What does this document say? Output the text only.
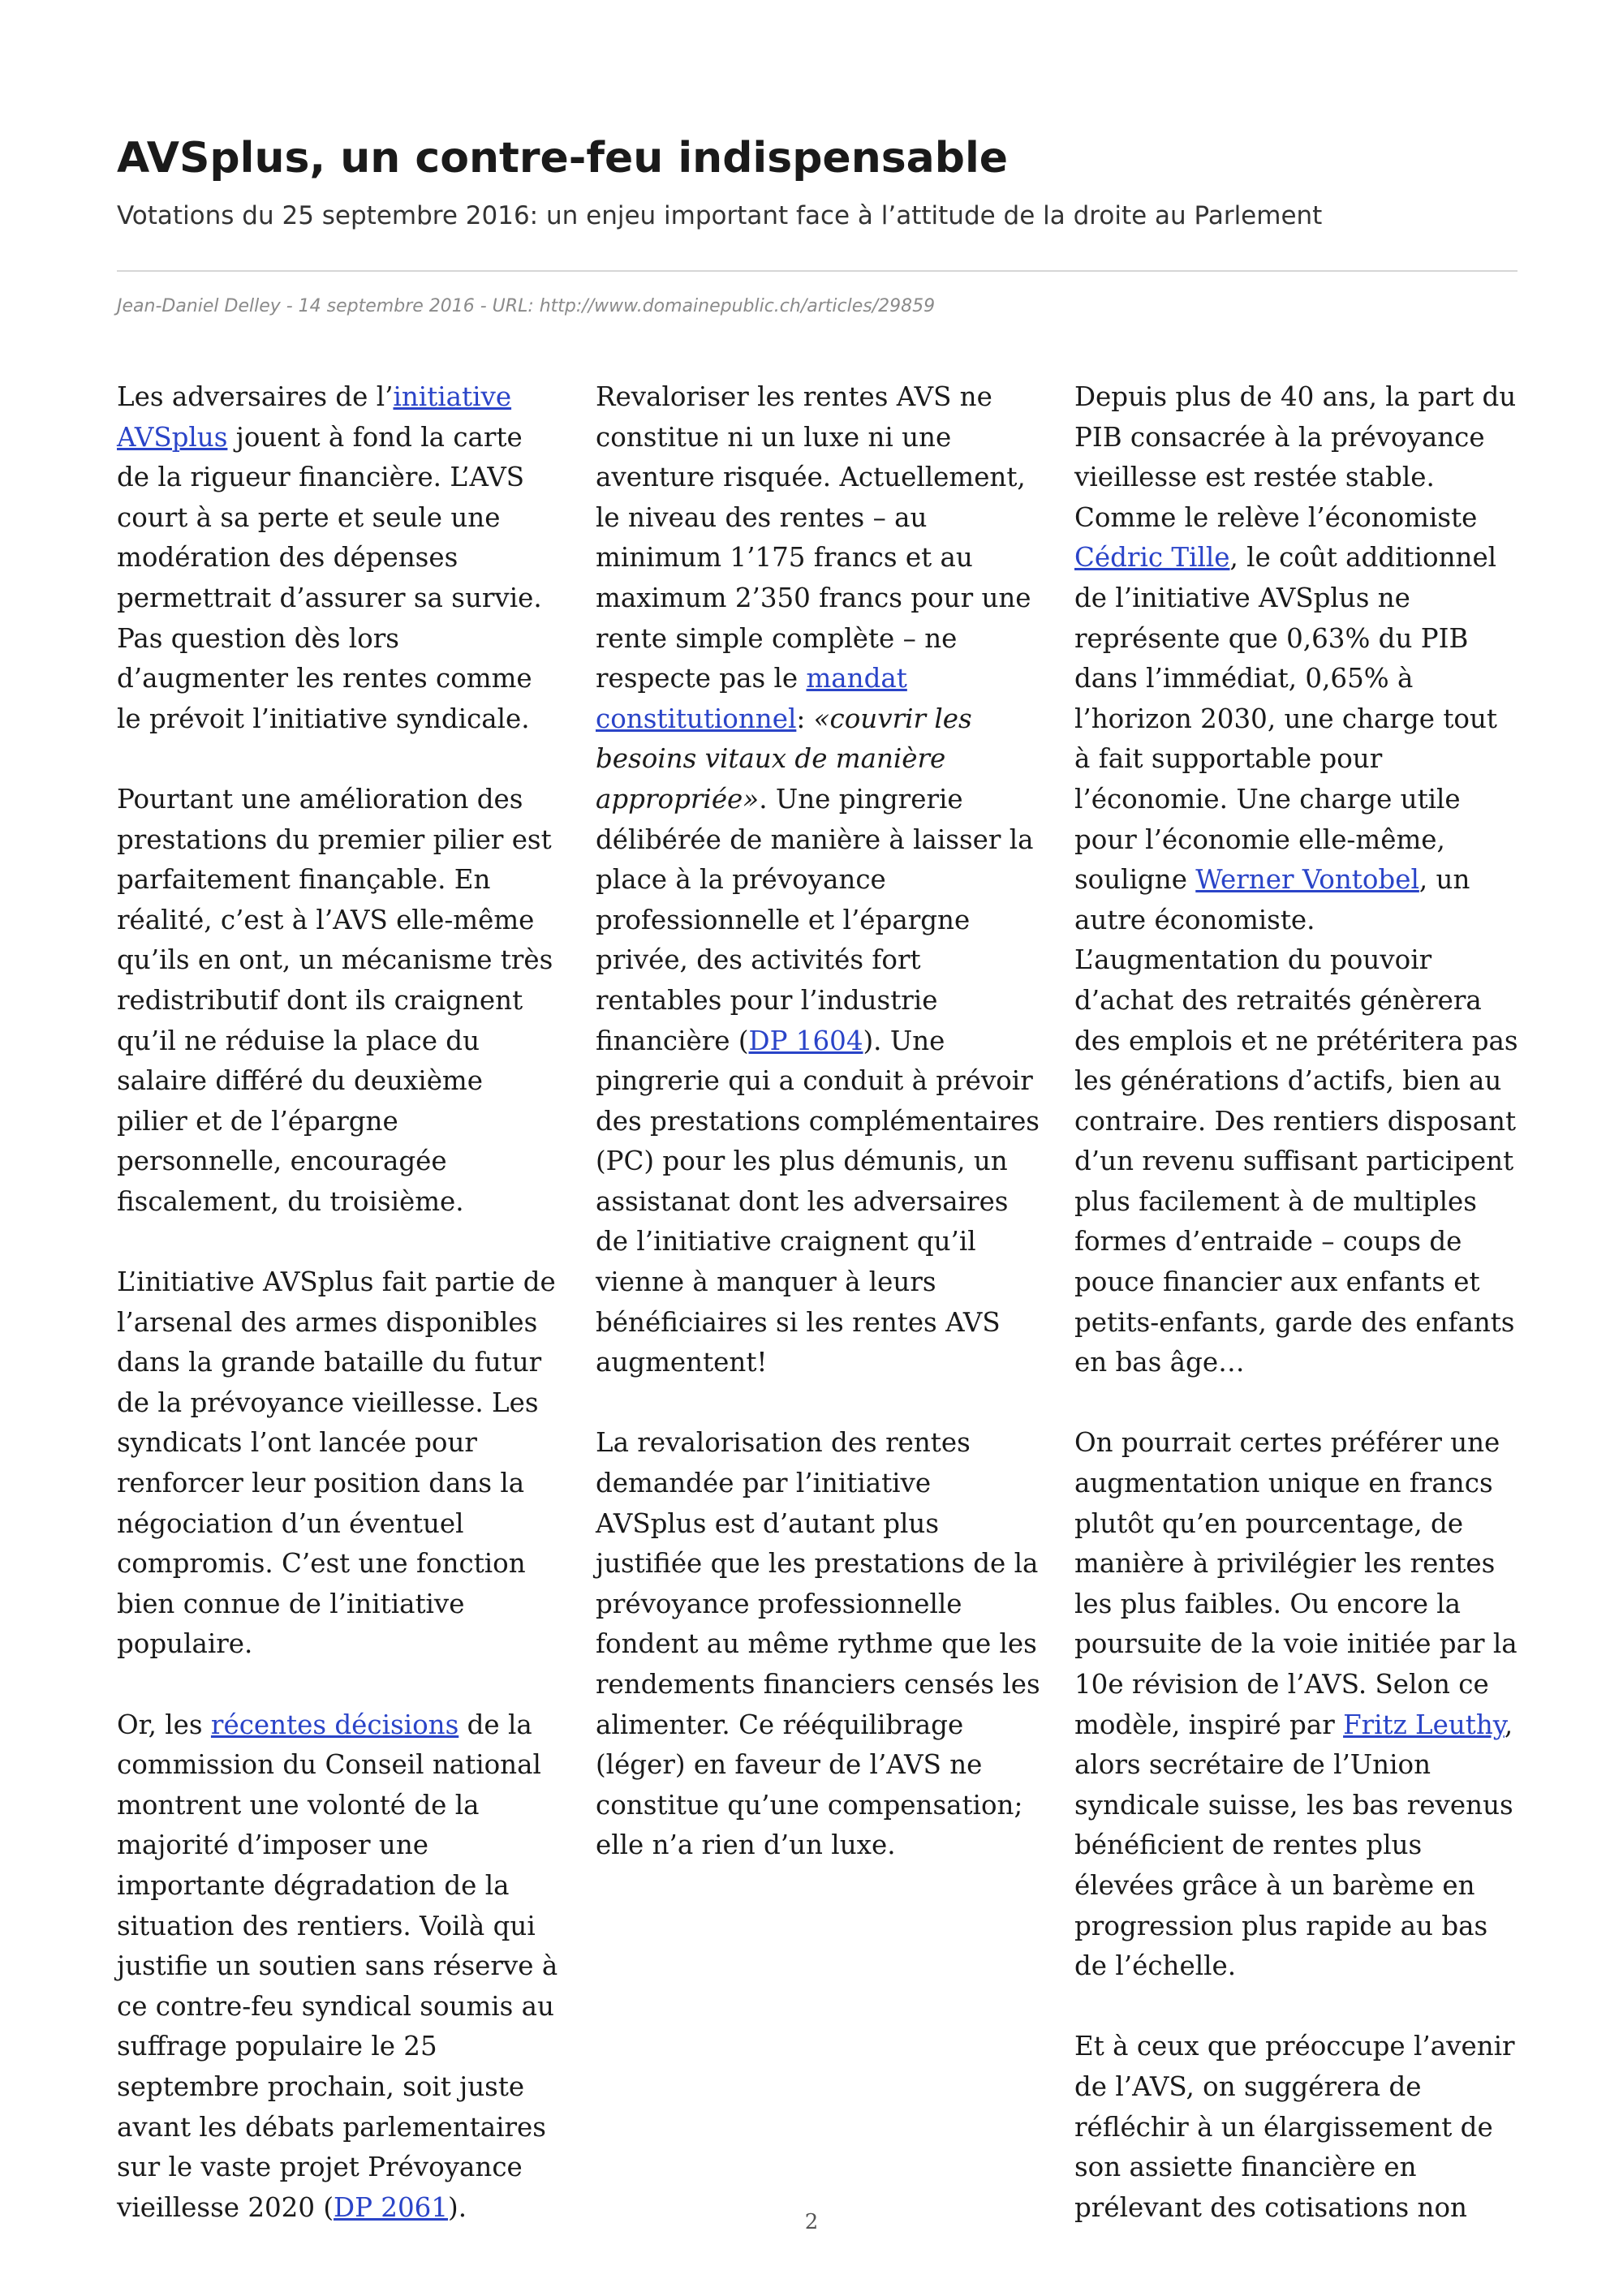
AVSplus, un contre-feu indispensable

Votations du 25 septembre 2016: un enjeu important face à l’attitude de la droite au Parlement

Jean-Daniel Delley - 14 septembre 2016 - URL: http://www.domainepublic.ch/articles/29859

Les adversaires de l’initiative AVSplus jouent à fond la carte de la rigueur financière. L’AVS court à sa perte et seule une modération des dépenses permettrait d’assurer sa survie. Pas question dès lors d’augmenter les rentes comme le prévoit l’initiative syndicale.

Pourtant une amélioration des prestations du premier pilier est parfaitement finançable. En réalité, c’est à l’AVS elle-même qu’ils en ont, un mécanisme très redistributif dont ils craignent qu’il ne réduise la place du salaire différé du deuxième pilier et de l’épargne personnelle, encouragée fiscalement, du troisième.

L’initiative AVSplus fait partie de l’arsenal des armes disponibles dans la grande bataille du futur de la prévoyance vieillesse. Les syndicats l’ont lancée pour renforcer leur position dans la négociation d’un éventuel compromis. C’est une fonction bien connue de l’initiative populaire.

Or, les récentes décisions de la commission du Conseil national montrent une volonté de la majorité d’imposer une importante dégradation de la situation des rentiers. Voilà qui justifie un soutien sans réserve à ce contre-feu syndical soumis au suffrage populaire le 25 septembre prochain, soit juste avant les débats parlementaires sur le vaste projet Prévoyance vieillesse 2020 (DP 2061).

Revaloriser les rentes AVS ne constitue ni un luxe ni une aventure risquée. Actuellement, le niveau des rentes – au minimum 1’175 francs et au maximum 2’350 francs pour une rente simple complète – ne respecte pas le mandat constitutionnel: «couvrir les besoins vitaux de manière appropriée». Une pingrerie délibérée de manière à laisser la place à la prévoyance professionnelle et l’épargne privée, des activités fort rentables pour l’industrie financière (DP 1604). Une pingrerie qui a conduit à prévoir des prestations complémentaires (PC) pour les plus démunis, un assistanat dont les adversaires de l’initiative craignent qu’il vienne à manquer à leurs bénéficiaires si les rentes AVS augmentent!

La revalorisation des rentes demandée par l’initiative AVSplus est d’autant plus justifiée que les prestations de la prévoyance professionnelle fondent au même rythme que les rendements financiers censés les alimenter. Ce rééquilibrage (léger) en faveur de l’AVS ne constitue qu’une compensation; elle n’a rien d’un luxe.

Depuis plus de 40 ans, la part du PIB consacrée à la prévoyance vieillesse est restée stable. Comme le relève l’économiste Cédric Tille, le coût additionnel de l’initiative AVSplus ne représente que 0,63% du PIB dans l’immédiat, 0,65% à l’horizon 2030, une charge tout à fait supportable pour l’économie. Une charge utile pour l’économie elle-même, souligne Werner Vontobel, un autre économiste. L’augmentation du pouvoir d’achat des retraités génèrera des emplois et ne prétéritera pas les générations d’actifs, bien au contraire. Des rentiers disposant d’un revenu suffisant participent plus facilement à de multiples formes d’entraide – coups de pouce financier aux enfants et petits-enfants, garde des enfants en bas âge…

On pourrait certes préférer une augmentation unique en francs plutôt qu’en pourcentage, de manière à privilégier les rentes les plus faibles. Ou encore la poursuite de la voie initiée par la 10e révision de l’AVS. Selon ce modèle, inspiré par Fritz Leuthy, alors secrétaire de l’Union syndicale suisse, les bas revenus bénéficient de rentes plus élevées grâce à un barème en progression plus rapide au bas de l’échelle.

Et à ceux que préoccupe l’avenir de l’AVS, on suggérera de réfléchir à un élargissement de son assiette financière en prélevant des cotisations non

2
